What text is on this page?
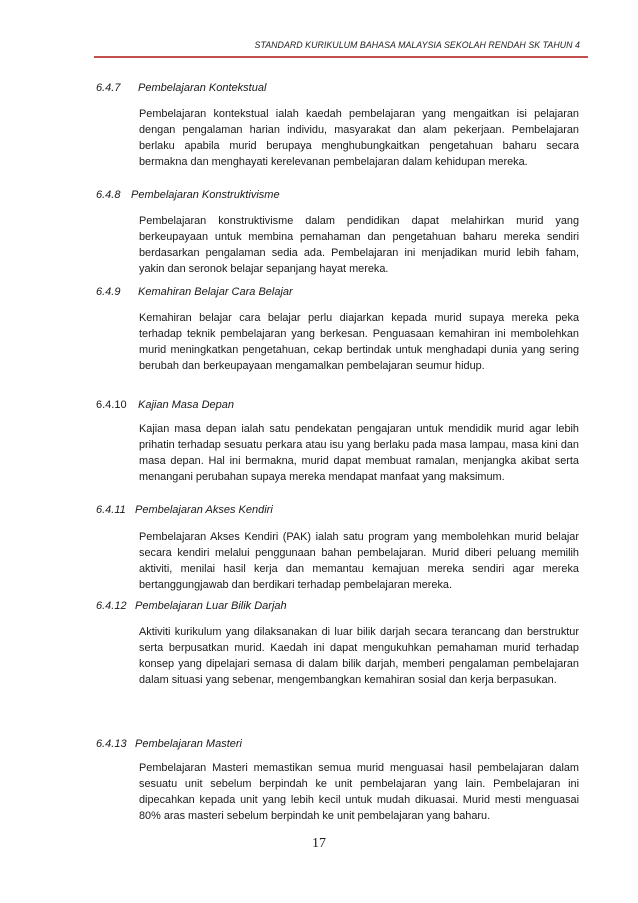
STANDARD KURIKULUM BAHASA MALAYSIA SEKOLAH RENDAH SK TAHUN 4
6.4.7 Pembelajaran Kontekstual
Pembelajaran kontekstual ialah kaedah pembelajaran yang mengaitkan isi pelajaran dengan pengalaman harian individu, masyarakat dan alam pekerjaan. Pembelajaran berlaku apabila murid berupaya menghubungkaitkan pengetahuan baharu secara bermakna dan menghayati kerelevanan pembelajaran dalam kehidupan mereka.
6.4.8 Pembelajaran Konstruktivisme
Pembelajaran konstruktivisme dalam pendidikan dapat melahirkan murid yang berkeupayaan untuk membina pemahaman dan pengetahuan baharu mereka sendiri berdasarkan pengalaman sedia ada. Pembelajaran ini menjadikan murid lebih faham, yakin dan seronok belajar sepanjang hayat mereka.
6.4.9 Kemahiran Belajar Cara Belajar
Kemahiran belajar cara belajar perlu diajarkan kepada murid supaya mereka peka terhadap teknik pembelajaran yang berkesan. Penguasaan kemahiran ini membolehkan murid meningkatkan pengetahuan, cekap bertindak untuk menghadapi dunia yang sering berubah dan berkeupayaan mengamalkan pembelajaran seumur hidup.
6.4.10 Kajian Masa Depan
Kajian masa depan ialah satu pendekatan pengajaran untuk mendidik murid agar lebih prihatin terhadap sesuatu perkara atau isu yang berlaku pada masa lampau, masa kini dan masa depan. Hal ini bermakna, murid dapat membuat ramalan, menjangka akibat serta menangani perubahan supaya mereka mendapat manfaat yang maksimum.
6.4.11 Pembelajaran Akses Kendiri
Pembelajaran Akses Kendiri (PAK) ialah satu program yang membolehkan murid belajar secara kendiri melalui penggunaan bahan pembelajaran. Murid diberi peluang memilih aktiviti, menilai hasil kerja dan memantau kemajuan mereka sendiri agar mereka bertanggungjawab dan berdikari terhadap pembelajaran mereka.
6.4.12 Pembelajaran Luar Bilik Darjah
Aktiviti kurikulum yang dilaksanakan di luar bilik darjah secara terancang dan berstruktur serta berpusatkan murid. Kaedah ini dapat mengukuhkan pemahaman murid terhadap konsep yang dipelajari semasa di dalam bilik darjah, memberi pengalaman pembelajaran dalam situasi yang sebenar, mengembangkan kemahiran sosial dan kerja berpasukan.
6.4.13 Pembelajaran Masteri
Pembelajaran Masteri memastikan semua murid menguasai hasil pembelajaran dalam sesuatu unit sebelum berpindah ke unit pembelajaran yang lain. Pembelajaran ini dipecahkan kepada unit yang lebih kecil untuk mudah dikuasai. Murid mesti menguasai 80% aras masteri sebelum berpindah ke unit pembelajaran yang baharu.
17
